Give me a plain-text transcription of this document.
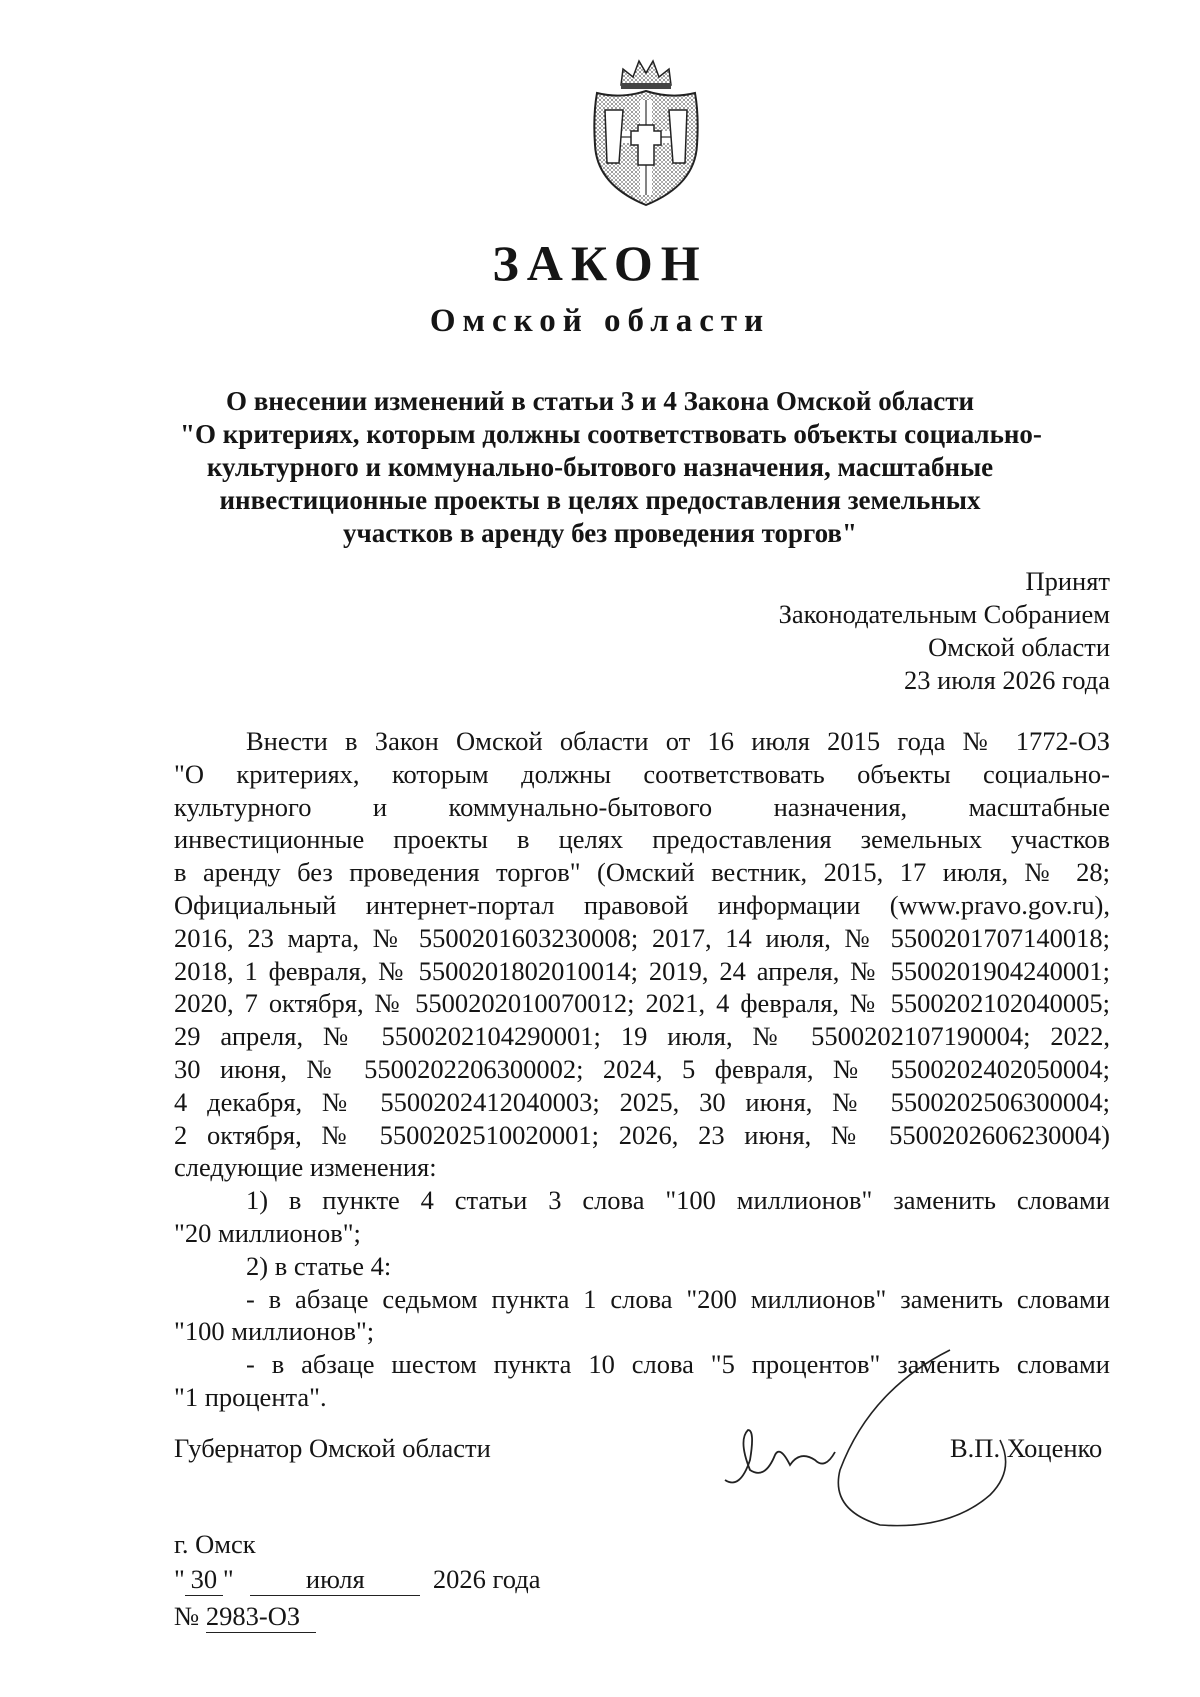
ЗАКОН
Омской области
О внесении изменений в статьи 3 и 4 Закона Омской области
"О критериях, которым должны соответствовать объекты социально-
культурного и коммунально-бытового назначения, масштабные
инвестиционные проекты в целях предоставления земельных
участков в аренду без проведения торгов"
Принят
Законодательным Собранием
Омской области
23 июля 2026 года
Внести в Закон Омской области от 16 июля 2015 года № 1772-ОЗ
"О критериях, которым должны соответствовать объекты социально-
культурного и коммунально-бытового назначения, масштабные
инвестиционные проекты в целях предоставления земельных участков
в аренду без проведения торгов" (Омский вестник, 2015, 17 июля, № 28;
Официальный интернет-портал правовой информации (www.pravo.gov.ru),
2016, 23 марта, № 5500201603230008; 2017, 14 июля, № 5500201707140018;
2018, 1 февраля, № 5500201802010014; 2019, 24 апреля, № 5500201904240001;
2020, 7 октября, № 5500202010070012; 2021, 4 февраля, № 5500202102040005;
29 апреля, № 5500202104290001; 19 июля, № 5500202107190004; 2022,
30 июня, № 5500202206300002; 2024, 5 февраля, № 5500202402050004;
4 декабря, № 5500202412040003; 2025, 30 июня, № 5500202506300004;
2 октября, № 5500202510020001; 2026, 23 июня, № 5500202606230004)
следующие изменения:
1) в пункте 4 статьи 3 слова "100 миллионов" заменить словами
"20 миллионов";
2) в статье 4:
- в абзаце седьмом пункта 1 слова "200 миллионов" заменить словами
"100 миллионов";
- в абзаце шестом пункта 10 слова "5 процентов" заменить словами
"1 процента".
Губернатор Омской области	В.П. Хоценко
г. Омск
" 30 "	июля	2026 года
№ 2983-ОЗ
